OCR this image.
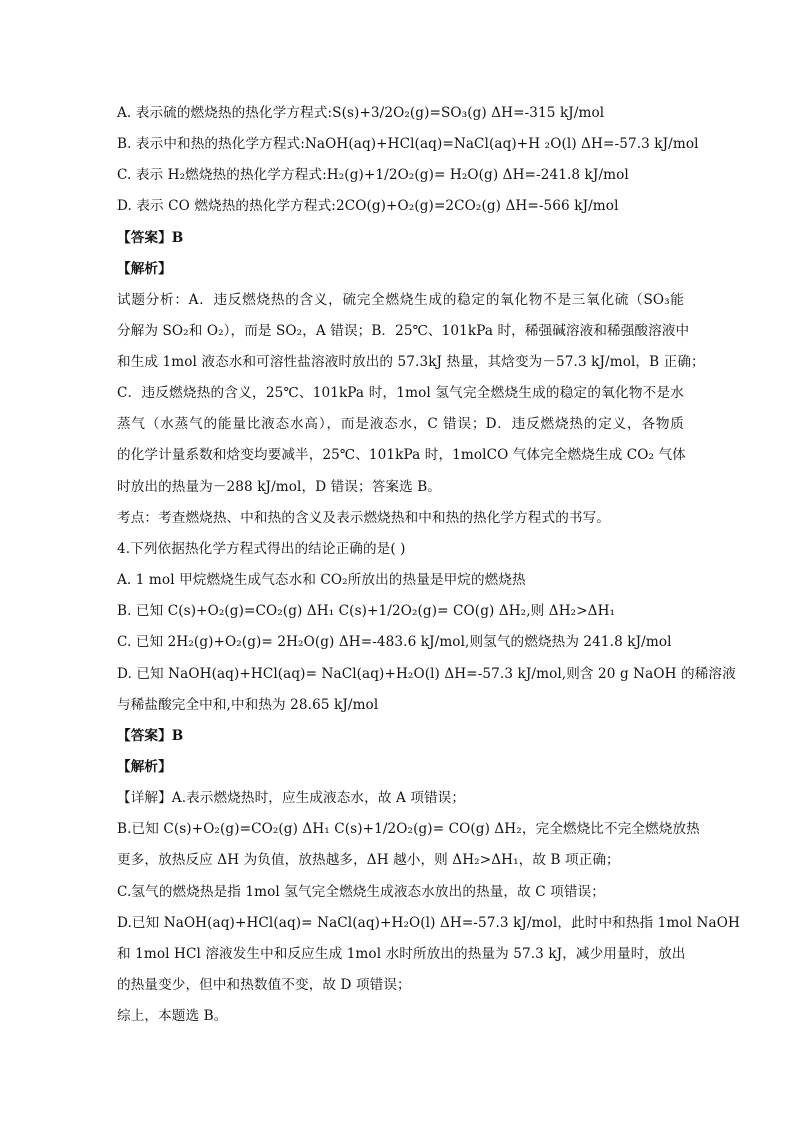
A. 表示硫的燃烧热的热化学方程式:S(s)+3/2O₂(g)=SO₃(g) ΔH=-315 kJ/mol
B. 表示中和热的热化学方程式:NaOH(aq)+HCl(aq)=NaCl(aq)+H ₂O(l) ΔH=-57.3 kJ/mol
C. 表示 H₂燃烧热的热化学方程式:H₂(g)+1/2O₂(g)= H₂O(g) ΔH=-241.8 kJ/mol
D. 表示 CO 燃烧热的热化学方程式:2CO(g)+O₂(g)=2CO₂(g) ΔH=-566 kJ/mol
【答案】B
【解析】
试题分析：A．违反燃烧热的含义，硫完全燃烧生成的稳定的氧化物不是三氧化硫（SO₃能
分解为 SO₂和 O₂），而是 SO₂，A 错误；B．25℃、101kPa 时，稀强碱溶液和稀强酸溶液中
和生成 1mol 液态水和可溶性盐溶液时放出的 57.3kJ 热量，其焓变为－57.3 kJ/mol，B 正确；
C．违反燃烧热的含义，25℃、101kPa 时，1mol 氢气完全燃烧生成的稳定的氧化物不是水
蒸气（水蒸气的能量比液态水高），而是液态水，C 错误；D．违反燃烧热的定义，各物质
的化学计量系数和焓变均要减半，25℃、101kPa 时，1molCO 气体完全燃烧生成 CO₂ 气体
时放出的热量为－288 kJ/mol，D 错误；答案选 B。
考点：考查燃烧热、中和热的含义及表示燃烧热和中和热的热化学方程式的书写。
4.下列依据热化学方程式得出的结论正确的是( )
A. 1 mol 甲烷燃烧生成气态水和 CO₂所放出的热量是甲烷的燃烧热
B. 已知 C(s)+O₂(g)=CO₂(g) ΔH₁ C(s)+1/2O₂(g)= CO(g) ΔH₂,则 ΔH₂>ΔH₁
C. 已知 2H₂(g)+O₂(g)= 2H₂O(g) ΔH=-483.6 kJ/mol,则氢气的燃烧热为 241.8 kJ/mol
D. 已知 NaOH(aq)+HCl(aq)= NaCl(aq)+H₂O(l) ΔH=-57.3 kJ/mol,则含 20 g NaOH 的稀溶液
与稀盐酸完全中和,中和热为 28.65 kJ/mol
【答案】B
【解析】
【详解】A.表示燃烧热时，应生成液态水，故 A 项错误；
B.已知 C(s)+O₂(g)=CO₂(g) ΔH₁ C(s)+1/2O₂(g)= CO(g) ΔH₂，完全燃烧比不完全燃烧放热
更多，放热反应 ΔH 为负值，放热越多，ΔH 越小，则 ΔH₂>ΔH₁，故 B 项正确；
C.氢气的燃烧热是指 1mol 氢气完全燃烧生成液态水放出的热量，故 C 项错误；
D.已知 NaOH(aq)+HCl(aq)= NaCl(aq)+H₂O(l) ΔH=-57.3 kJ/mol，此时中和热指 1mol NaOH
和 1mol HCl 溶液发生中和反应生成 1mol 水时所放出的热量为 57.3 kJ，减少用量时，放出
的热量变少，但中和热数值不变，故 D 项错误；
综上，本题选 B。
